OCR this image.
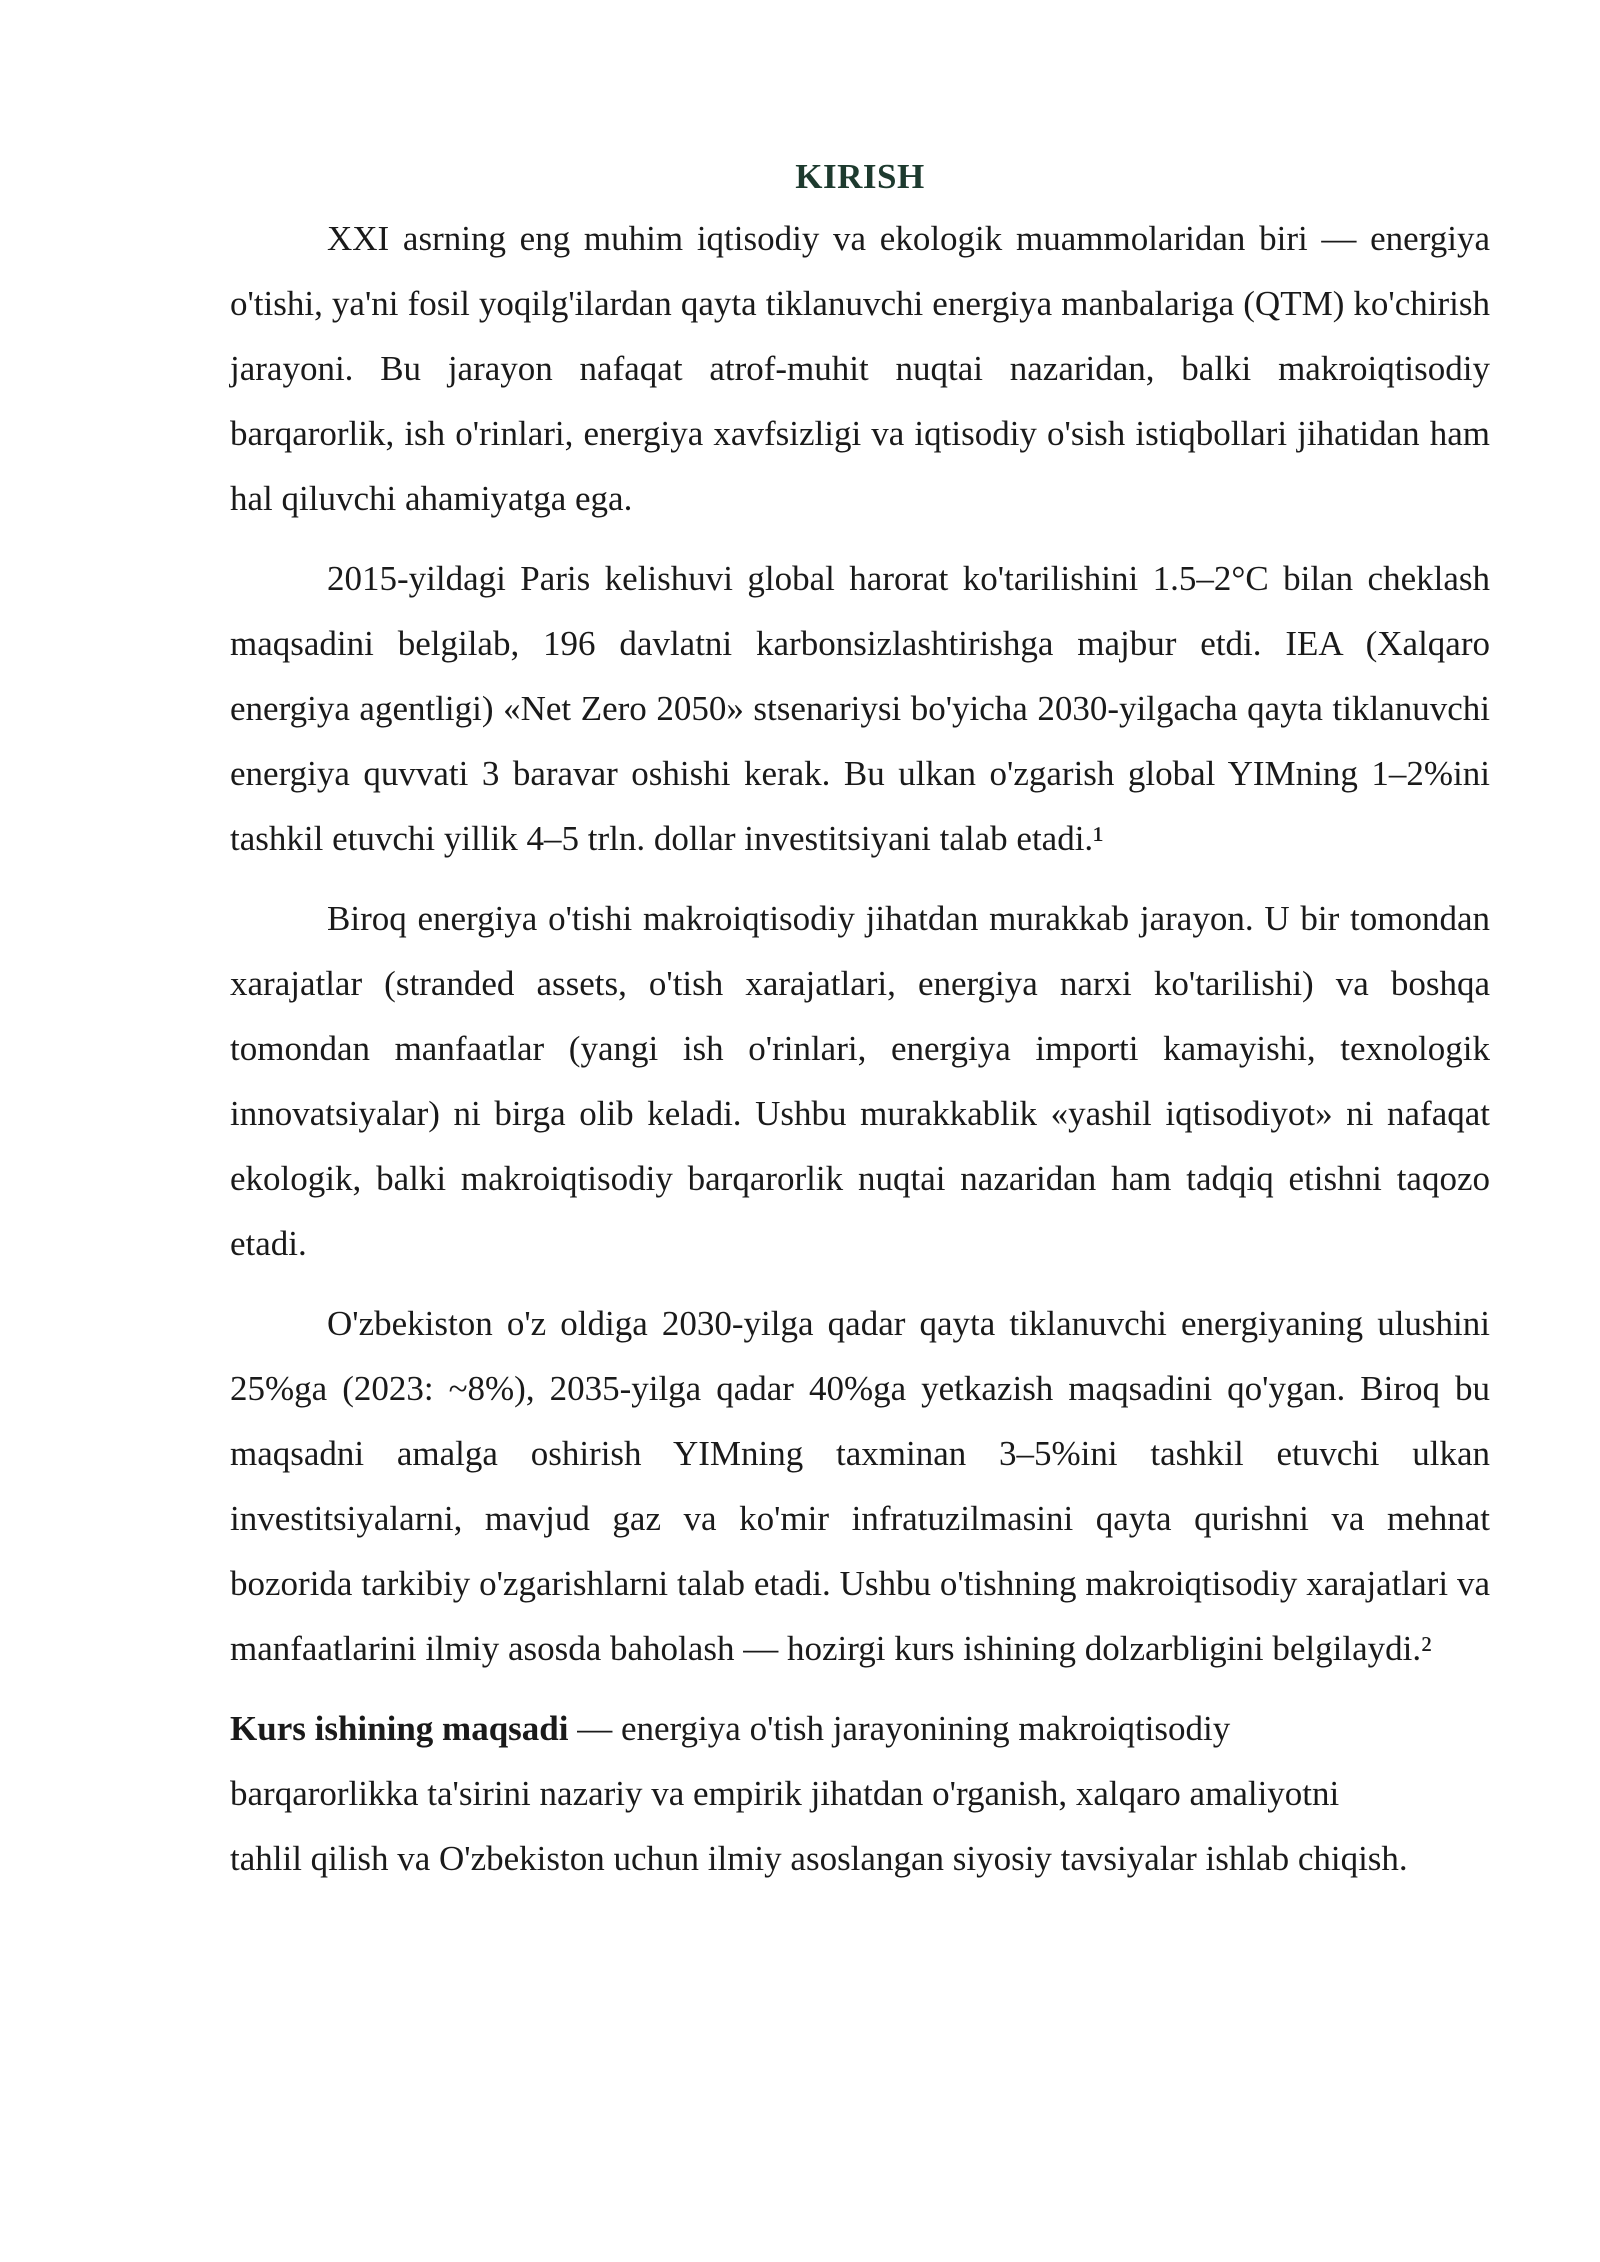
KIRISH

XXI asrning eng muhim iqtisodiy va ekologik muammolaridan biri — energiya o'tishi, ya'ni fosil yoqilg'ilardan qayta tiklanuvchi energiya manbalariga (QTM) ko'chirish jarayoni. Bu jarayon nafaqat atrof-muhit nuqtai nazaridan, balki makroiqtisodiy barqarorlik, ish o'rinlari, energiya xavfsizligi va iqtisodiy o'sish istiqbollari jihatidan ham hal qiluvchi ahamiyatga ega.

2015-yildagi Paris kelishuvi global harorat ko'tarilishini 1.5–2°C bilan cheklash maqsadini belgilab, 196 davlatni karbonsizlashtirishga majbur etdi. IEA (Xalqaro energiya agentligi) «Net Zero 2050» stsenariysi bo'yicha 2030-yilgacha qayta tiklanuvchi energiya quvvati 3 baravar oshishi kerak. Bu ulkan o'zgarish global YIMning 1–2%ini tashkil etuvchi yillik 4–5 trln. dollar investitsiyani talab etadi.¹

Biroq energiya o'tishi makroiqtisodiy jihatdan murakkab jarayon. U bir tomondan xarajatlar (stranded assets, o'tish xarajatlari, energiya narxi ko'tarilishi) va boshqa tomondan manfaatlar (yangi ish o'rinlari, energiya importi kamayishi, texnologik innovatsiyalar) ni birga olib keladi. Ushbu murakkablik «yashil iqtisodiyot» ni nafaqat ekologik, balki makroiqtisodiy barqarorlik nuqtai nazaridan ham tadqiq etishni taqozo etadi.

O'zbekiston o'z oldiga 2030-yilga qadar qayta tiklanuvchi energiyaning ulushini 25%ga (2023: ~8%), 2035-yilga qadar 40%ga yetkazish maqsadini qo'ygan. Biroq bu maqsadni amalga oshirish YIMning taxminan 3–5%ini tashkil etuvchi ulkan investitsiyalarni, mavjud gaz va ko'mir infratuzilmasini qayta qurishni va mehnat bozorida tarkibiy o'zgarishlarni talab etadi. Ushbu o'tishning makroiqtisodiy xarajatlari va manfaatlarini ilmiy asosda baholash — hozirgi kurs ishining dolzarbligini belgilaydi.²

Kurs ishining maqsadi — energiya o'tish jarayonining makroiqtisodiy barqarorlikka ta'sirini nazariy va empirik jihatdan o'rganish, xalqaro amaliyotni tahlil qilish va O'zbekiston uchun ilmiy asoslangan siyosiy tavsiyalar ishlab chiqish.
